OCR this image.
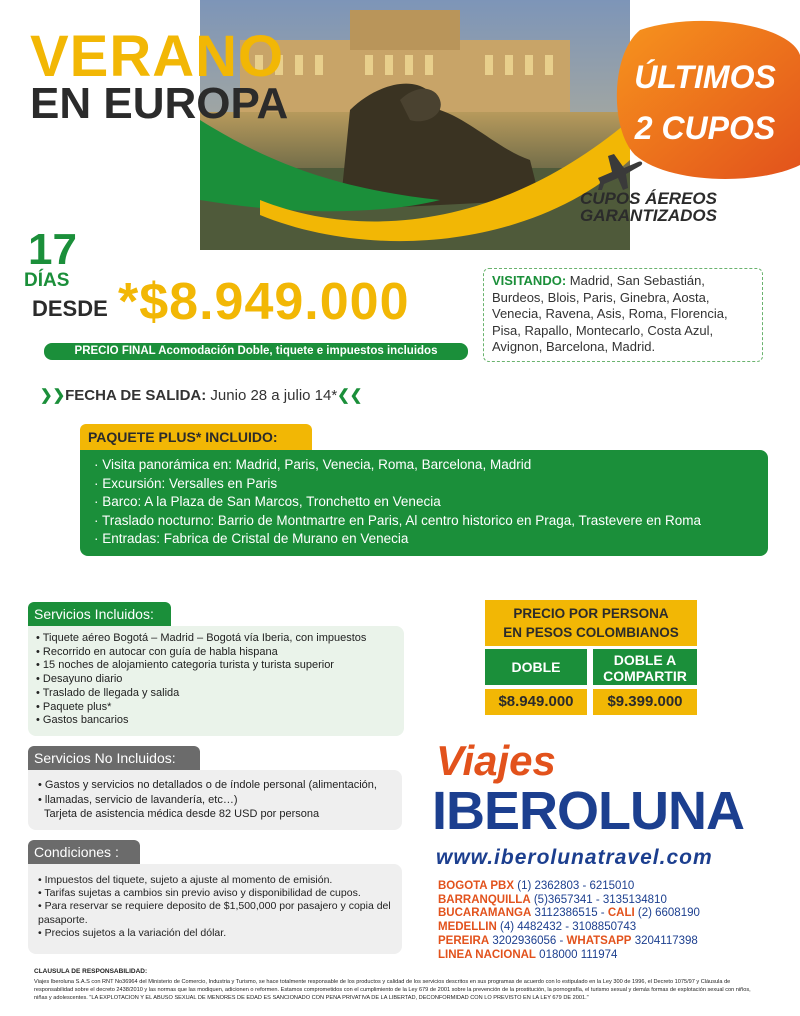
VERANO
EN EUROPA
ÚLTIMOS
2 CUPOS
CUPOS ÁEREOS
GARANTIZADOS
17
DÍAS
DESDE *$8.949.000
PRECIO FINAL Acomodación Doble, tiquete e impuestos incluidos
VISITANDO: Madrid, San Sebastián, Burdeos, Blois, Paris, Ginebra, Aosta, Venecia, Ravena, Asis, Roma, Florencia, Pisa, Rapallo, Montecarlo, Costa Azul, Avignon, Barcelona, Madrid.
❯❯FECHA DE SALIDA: Junio 28 a julio 14*❮❮
PAQUETE PLUS* INCLUIDO:
· Visita panorámica en: Madrid, Paris, Venecia, Roma, Barcelona, Madrid
· Excursión: Versalles en Paris
· Barco: A la Plaza de San Marcos, Tronchetto en Venecia
· Traslado nocturno: Barrio de Montmartre en Paris, Al centro historico en Praga, Trastevere en Roma
· Entradas: Fabrica de Cristal de Murano en Venecia
Servicios Incluidos:
• Tiquete aéreo Bogotá – Madrid – Bogotá vía Iberia, con impuestos
• Recorrido en autocar con guía de habla hispana
• 15 noches de alojamiento categoria turista y turista superior
• Desayuno diario
• Traslado de llegada y salida
• Paquete plus*
• Gastos bancarios
Servicios No Incluidos:
• Gastos y servicios no detallados o de índole personal (alimentación,
• llamadas, servicio de lavandería, etc…)
Tarjeta de asistencia médica desde 82 USD por persona
Condiciones :
• Impuestos del tiquete, sujeto a ajuste al momento de emisión.
• Tarifas sujetas a cambios sin previo aviso y disponibilidad de cupos.
• Para reservar se requiere deposito de $1,500,000 por pasajero y copia del pasaporte.
• Precios sujetos a la variación del dólar.
PRECIO POR PERSONA
EN PESOS COLOMBIANOS
DOBLE	DOBLE A
COMPARTIR
$8.949.000	$9.399.000
Viajes
IBEROLUNA
www.iberolunatravel.com
BOGOTA PBX (1) 2362803 - 6215010
BARRANQUILLA (5)3657341 - 3135134810
BUCARAMANGA 3112386515 - CALI (2) 6608190
MEDELLIN (4) 4482432 - 3108850743
PEREIRA 3202936056 - WHATSAPP 3204117398
LINEA NACIONAL 018000 111974
CLAUSULA DE RESPONSABILIDAD:
Viajes Iberoluna S.A.S con RNT No36964 del Ministerio de Comercio, Industria y Turismo, se hace totalmente responsable de los productos y calidad de los servicios descritos en sus programas de acuerdo con lo estipulado en la Ley 300 de 1996, el Decreto 1075/97 y Cláusula de responsabilidad sobre el decreto 2438/2010 y las normas que las modiquen, adicionen o reformen. Estamos comprometidos con el cumplimiento de la Ley 679 de 2001 sobre la prevención de la prostitución, la pornografía, el turismo sexual y demás formas de explotación sexual con niños, niñas y adolescentes. "LA EXPLOTACION Y EL ABUSO SEXUAL DE MENORES DE EDAD ES SANCIONADO CON PENA PRIVATIVA DE LA LIBERTAD, DECONFORMIDAD CON LO PREVISTO EN LA LEY 679 DE 2001."
